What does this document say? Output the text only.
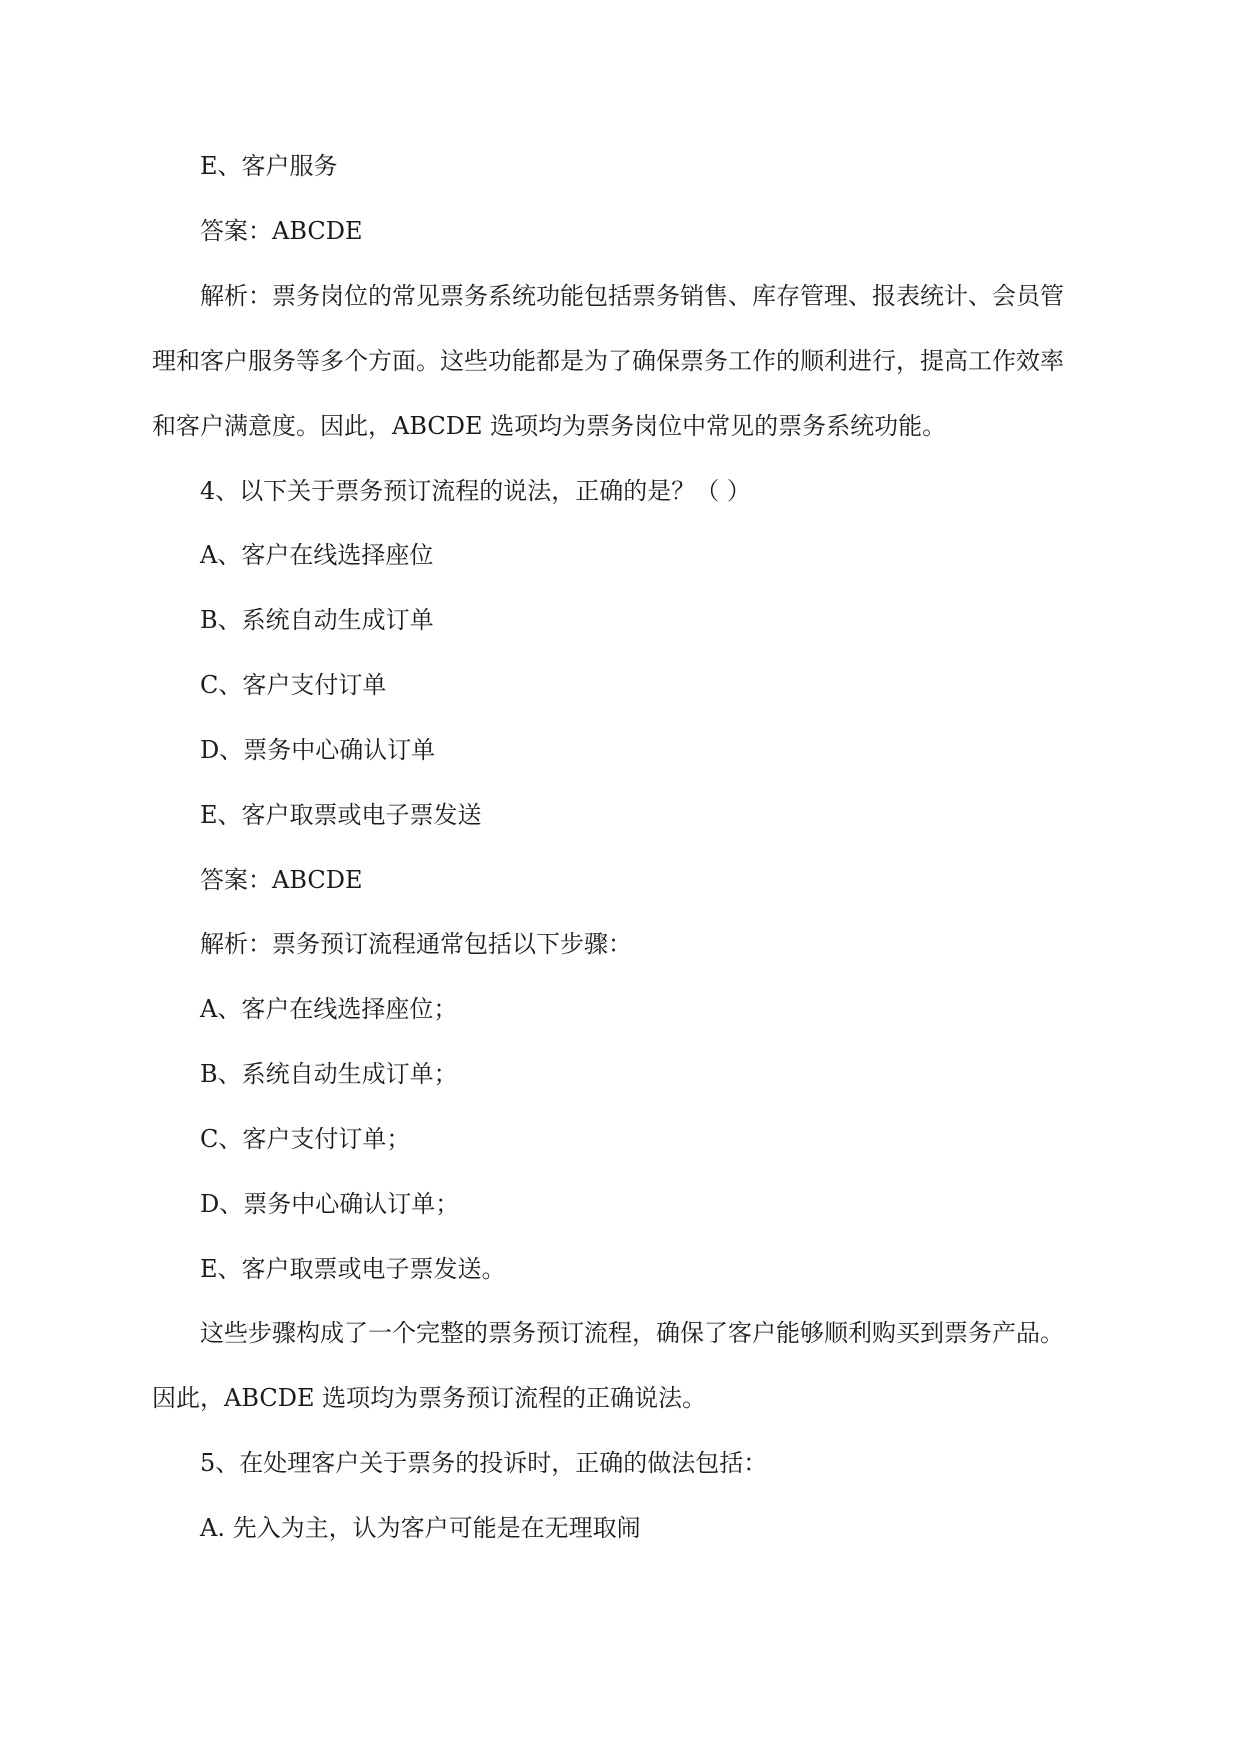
E、客户服务
答案：ABCDE
解析：票务岗位的常见票务系统功能包括票务销售、库存管理、报表统计、会员管
理和客户服务等多个方面。这些功能都是为了确保票务工作的顺利进行，提高工作效率
和客户满意度。因此，ABCDE 选项均为票务岗位中常见的票务系统功能。
4、以下关于票务预订流程的说法，正确的是？（ ）
A、客户在线选择座位
B、系统自动生成订单
C、客户支付订单
D、票务中心确认订单
E、客户取票或电子票发送
答案：ABCDE
解析：票务预订流程通常包括以下步骤：
A、客户在线选择座位；
B、系统自动生成订单；
C、客户支付订单；
D、票务中心确认订单；
E、客户取票或电子票发送。
这些步骤构成了一个完整的票务预订流程，确保了客户能够顺利购买到票务产品。
因此，ABCDE 选项均为票务预订流程的正确说法。
5、在处理客户关于票务的投诉时，正确的做法包括：
A. 先入为主，认为客户可能是在无理取闹
